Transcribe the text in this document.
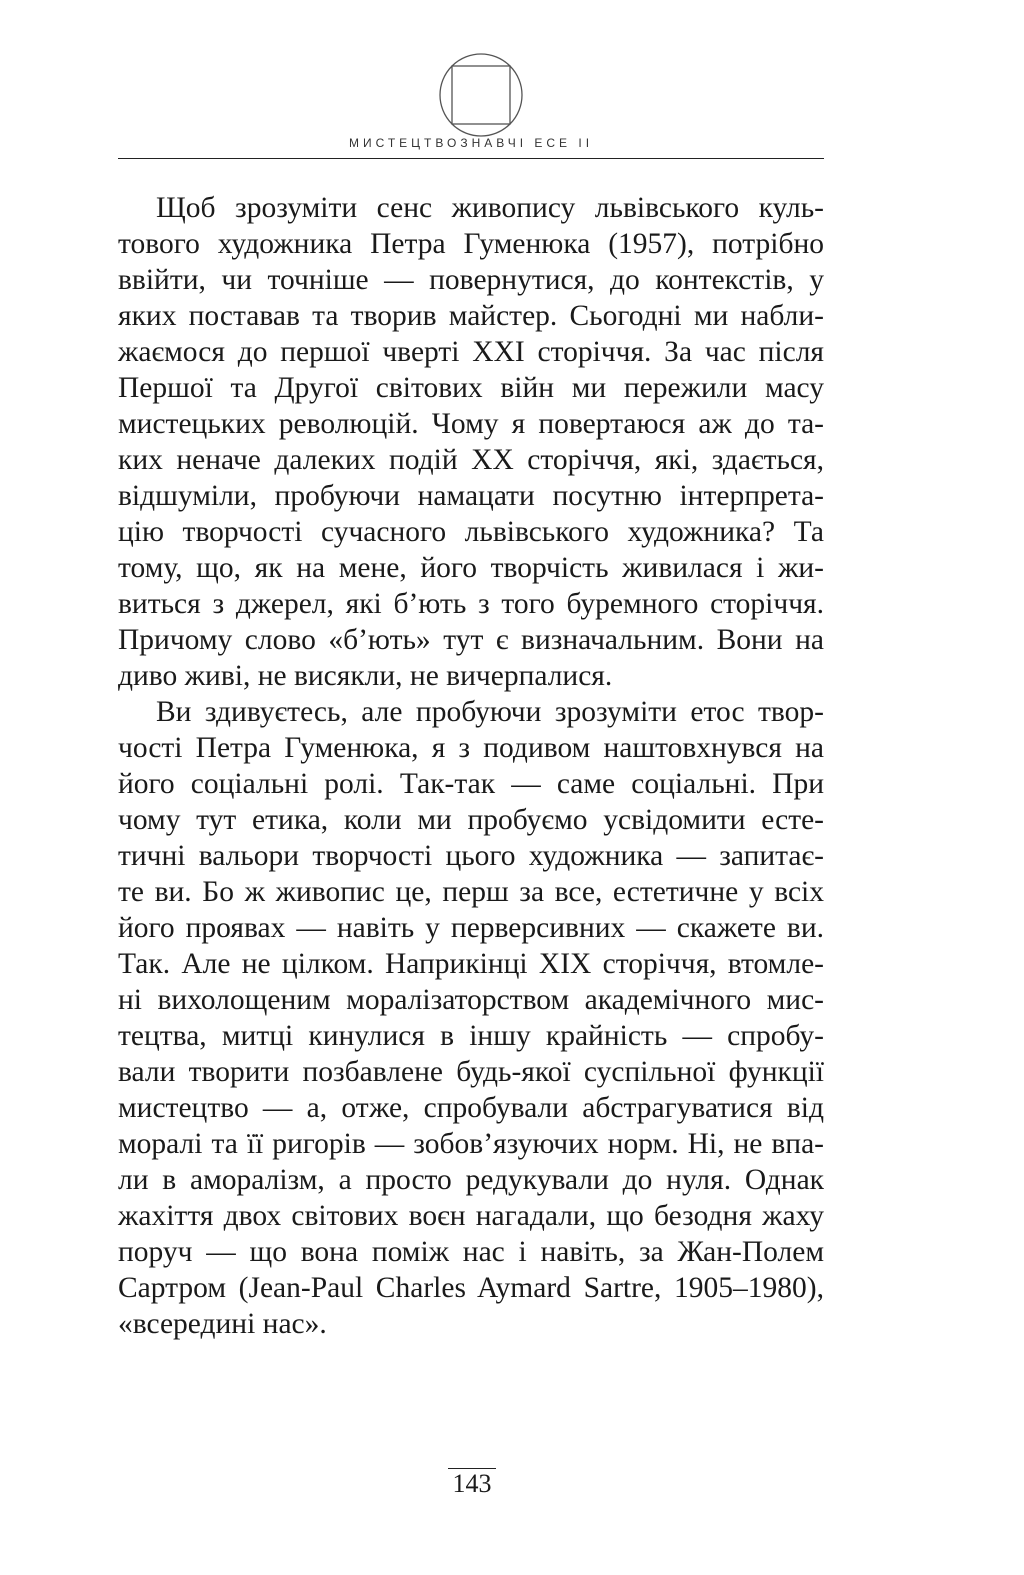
МИСТЕЦТВОЗНАВЧІ ЕСЕ II
Щоб зрозуміти сенс живопису львівського куль-
тового художника Петра Гуменюка (1957), потрібно
ввійти, чи точніше — повернутися, до контекстів, у
яких поставав та творив майстер. Сьогодні ми набли-
жаємося до першої чверті XXI сторіччя. За час після
Першої та Другої світових війн ми пережили масу
мистецьких революцій. Чому я повертаюся аж до та-
ких неначе далеких подій XX сторіччя, які, здається,
відшуміли, пробуючи намацати посутню інтерпрета-
цію творчості сучасного львівського художника? Та
тому, що, як на мене, його творчість живилася і жи-
виться з джерел, які б’ють з того буремного сторіччя.
Причому слово «б’ють» тут є визначальним. Вони на
диво живі, не висякли, не вичерпалися.
Ви здивуєтесь, але пробуючи зрозуміти етос твор-
чості Петра Гуменюка, я з подивом наштовхнувся на
його соціальні ролі. Так-так — саме соціальні. При
чому тут етика, коли ми пробуємо усвідомити есте-
тичні вальори творчості цього художника — запитає-
те ви. Бо ж живопис це, перш за все, естетичне у всіх
його проявах — навіть у перверсивних — скажете ви.
Так. Але не цілком. Наприкінці XIX сторіччя, втомле-
ні вихолощеним моралізаторством академічного мис-
тецтва, митці кинулися в іншу крайність — спробу-
вали творити позбавлене будь-якої суспільної функції
мистецтво — а, отже, спробували абстрагуватися від
моралі та її ригорів — зобов’язуючих норм. Ні, не впа-
ли в аморалізм, а просто редукували до нуля. Однак
жахіття двох світових воєн нагадали, що безодня жаху
поруч — що вона поміж нас і навіть, за Жан-Полем
Сартром (Jean-Paul Charles Aymard Sartre, 1905–1980),
«всередині нас».
143
